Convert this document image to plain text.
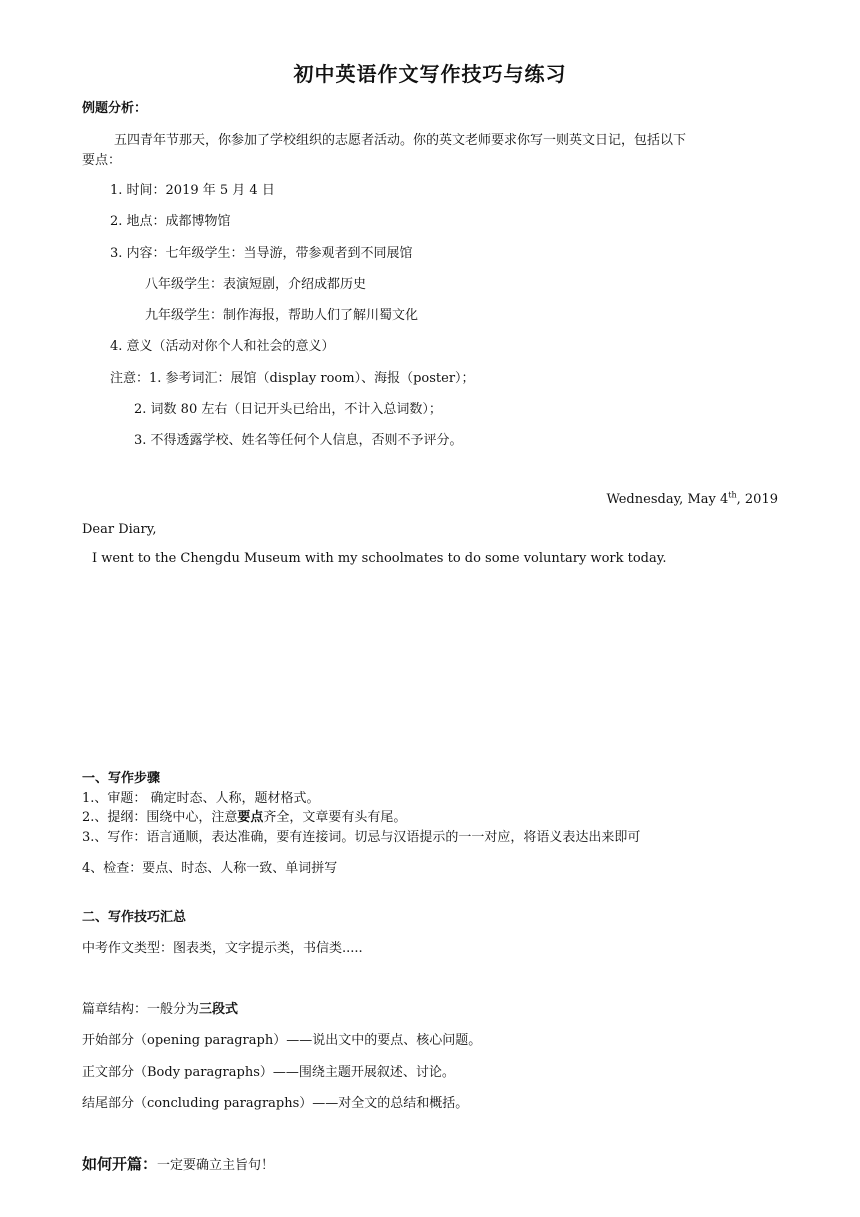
初中英语作文写作技巧与练习
例题分析：
五四青年节那天，你参加了学校组织的志愿者活动。你的英文老师要求你写一则英文日记，包括以下
要点：
1. 时间：2019 年 5 月 4 日
2. 地点：成都博物馆
3. 内容：七年级学生：当导游，带参观者到不同展馆
八年级学生：表演短剧，介绍成都历史
九年级学生：制作海报，帮助人们了解川蜀文化
4. 意义（活动对你个人和社会的意义）
注意：1. 参考词汇：展馆（display room）、海报（poster）；
2. 词数 80 左右（日记开头已给出，不计入总词数）；
3. 不得透露学校、姓名等任何个人信息，否则不予评分。
Wednesday, May 4th, 2019
Dear Diary,
I went to the Chengdu Museum with my schoolmates to do some voluntary work today.
一、写作步骤
1.、审题： 确定时态、人称，题材格式。
2.、提纲：围绕中心，注意要点齐全，文章要有头有尾。
3.、写作：语言通顺，表达准确，要有连接词。切忌与汉语提示的一一对应，将语义表达出来即可
4、检查：要点、时态、人称一致、单词拼写
二、写作技巧汇总
中考作文类型：图表类，文字提示类，书信类.....
篇章结构：一般分为三段式
开始部分（opening paragraph）——说出文中的要点、核心问题。
正文部分（Body paragraphs）——围绕主题开展叙述、讨论。
结尾部分（concluding paragraphs）——对全文的总结和概括。
如何开篇：一定要确立主旨句！
